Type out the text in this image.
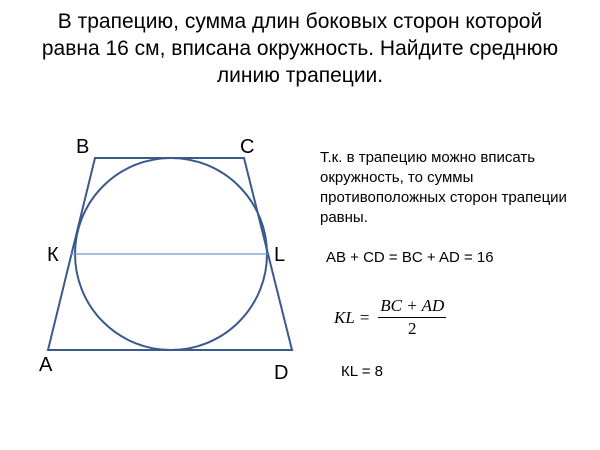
В трапецию, сумма длин боковых сторон которой
равна 16 см, вписана окружность. Найдите среднюю
линию трапеции.
B	C
К	L
A	D
Т.к. в трапецию можно вписать
окружность, то суммы
противоположных сторон трапеции
равны.
AB + CD = BC + AD = 16
KL = $\frac{BC + AD}{2}$
КL = 8
